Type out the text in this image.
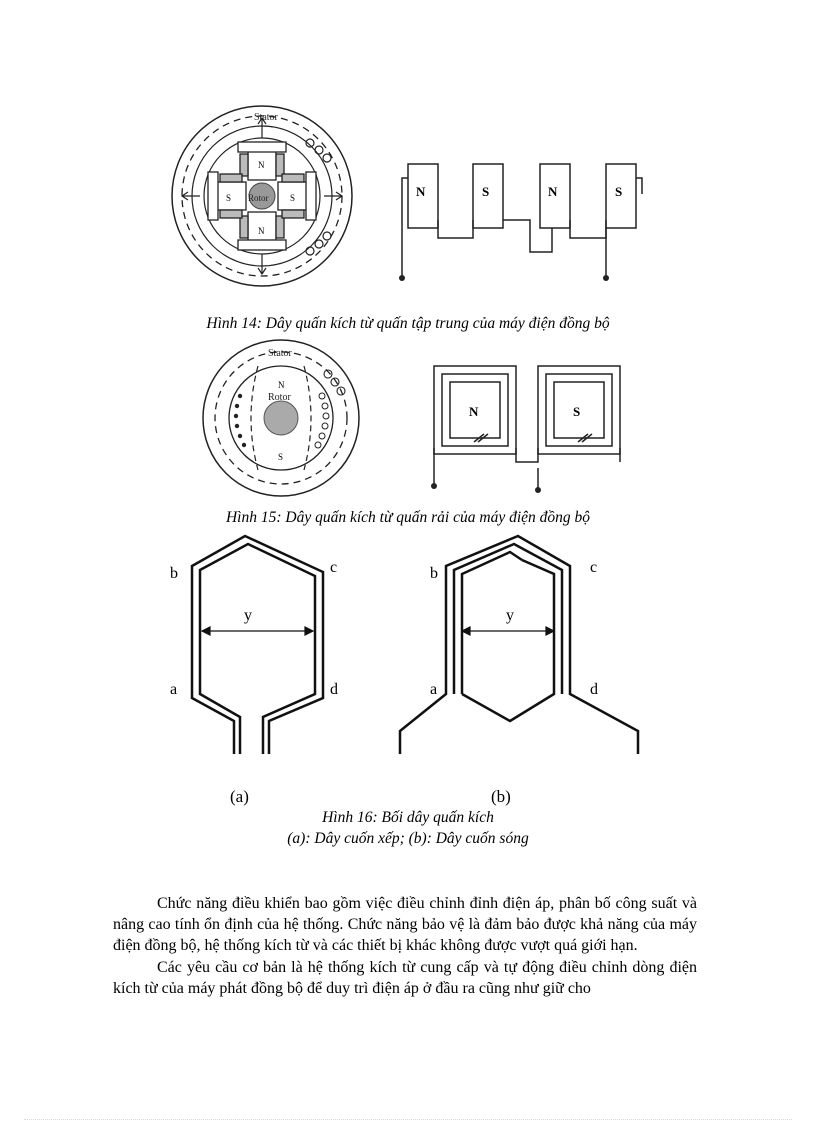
Stator
Rotor
N
N
S	S	N	S	N	S
Hình 14: Dây quấn kích từ quấn tập trung của máy điện đồng bộ
Stator
Rotor
N
S
N	S
Hình 15: Dây quấn kích từ quấn rải của máy điện đồng bộ
b	c
y
a	d
(a)
b	c
y
a	d
(b)
Hình 16: Bối dây quấn kích
(a): Dây cuốn xếp; (b): Dây cuốn sóng

Chức năng điều khiển bao gồm việc điều chỉnh đỉnh điện áp, phân bố công suất và nâng cao tính ổn định của hệ thống. Chức năng bảo vệ là đảm bảo được khả năng của máy điện đồng bộ, hệ thống kích từ và các thiết bị khác không được vượt quá giới hạn.

Các yêu cầu cơ bản là hệ thống kích từ cung cấp và tự động điều chỉnh dòng điện kích từ của máy phát đồng bộ để duy trì điện áp ở đầu ra cũng như giữ cho
